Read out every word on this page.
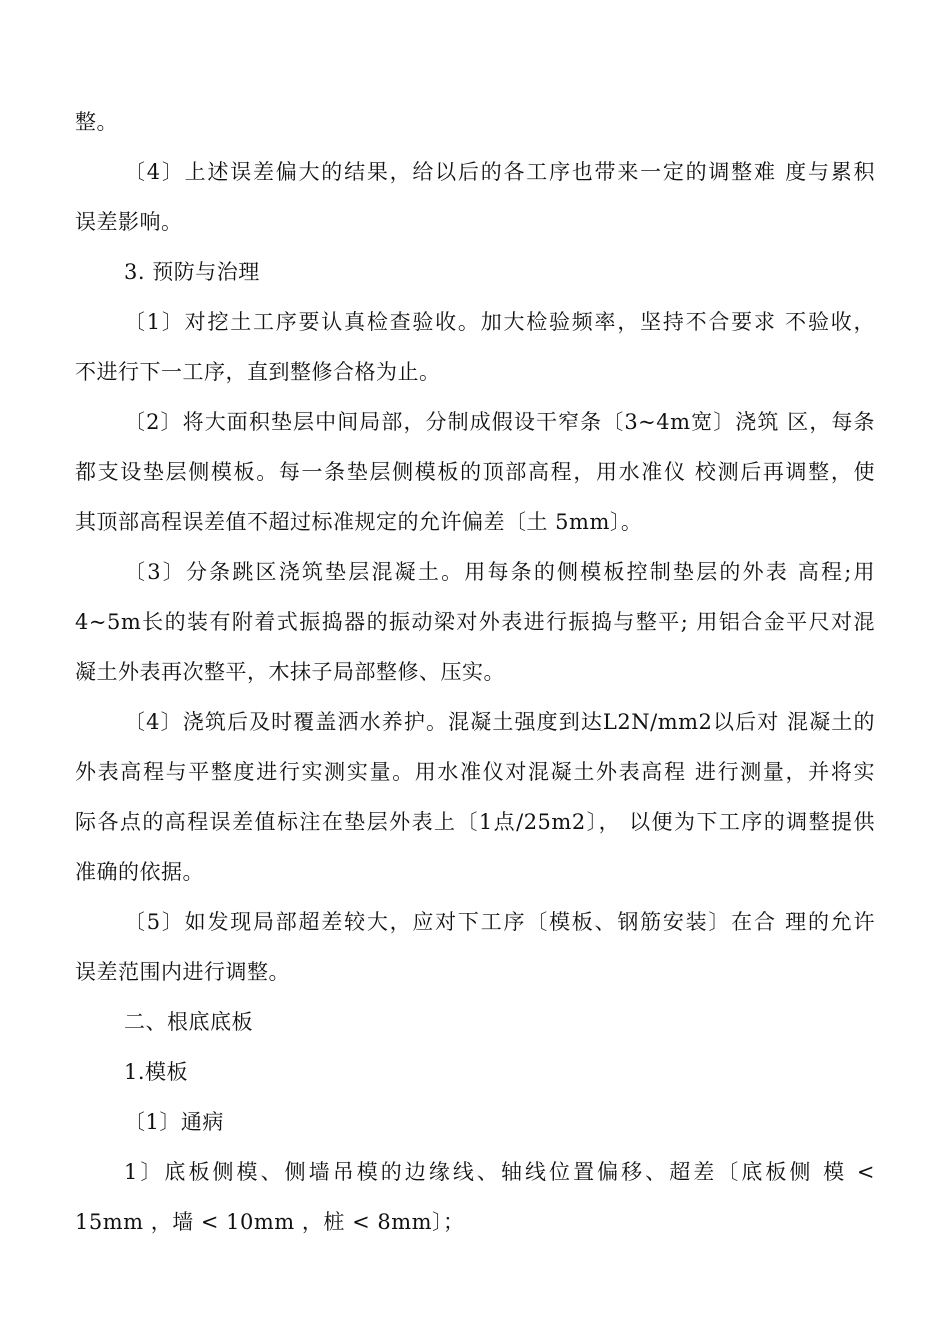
整。
〔4〕上述误差偏大的结果，给以后的各工序也带来一定的调整难 度与累积
误差影响。
3. 预防与治理
〔1〕对挖土工序要认真检查验收。加大检验频率，坚持不合要求 不验收，
不进行下一工序，直到整修合格为止。
〔2〕将大面积垫层中间局部，分制成假设干窄条〔3~4m宽〕浇筑 区，每条
都支设垫层侧模板。每一条垫层侧模板的顶部高程，用水准仪 校测后再调整，使
其顶部高程误差值不超过标准规定的允许偏差〔土 5mm〕。
〔3〕分条跳区浇筑垫层混凝土。用每条的侧模板控制垫层的外表 高程;用
4~5m长的装有附着式振捣器的振动梁对外表进行振捣与整平; 用铝合金平尺对混
凝土外表再次整平，木抹子局部整修、压实。
〔4〕浇筑后及时覆盖洒水养护。混凝土强度到达L2N/mm2以后对 混凝土的
外表高程与平整度进行实测实量。用水准仪对混凝土外表高程 进行测量，并将实
际各点的高程误差值标注在垫层外表上〔1点/25m2〕， 以便为下工序的调整提供
准确的依据。
〔5〕如发现局部超差较大，应对下工序〔模板、钢筋安装〕在合 理的允许
误差范围内进行调整。
二、根底底板
1.模板
〔1〕通病
1〕底板侧模、侧墙吊模的边缘线、轴线位置偏移、超差〔底板侧 模 <
15mm ，墙 < 10mm ，桩 < 8mm〕；
